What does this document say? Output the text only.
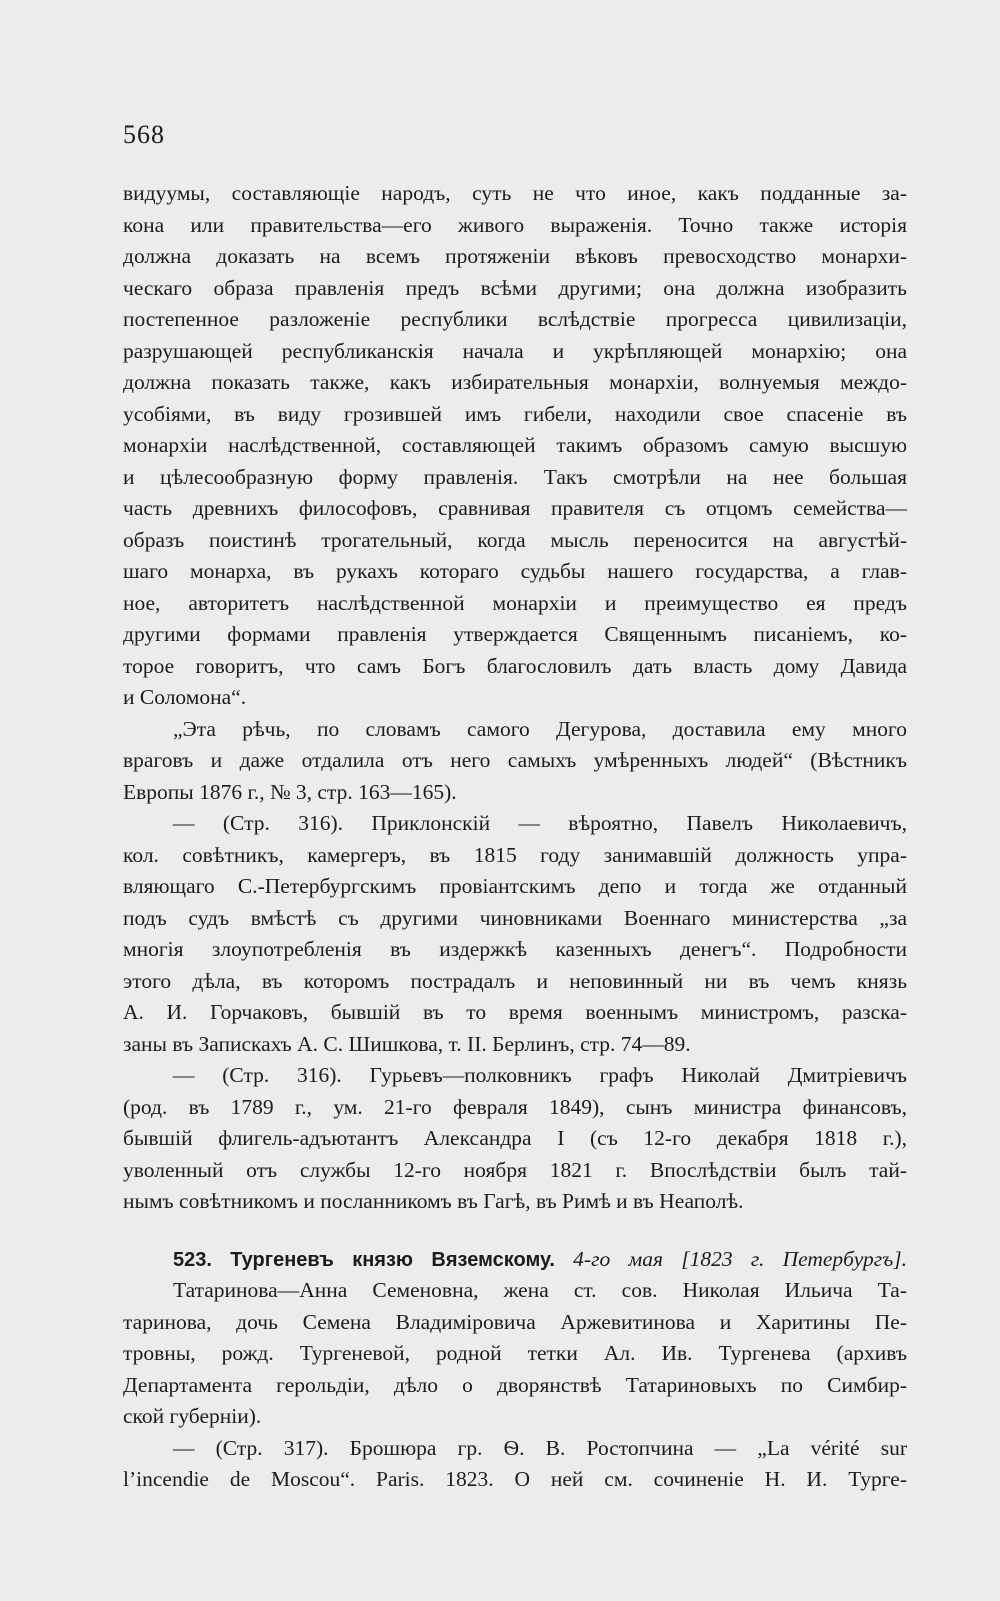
568
видуумы, составляющіе народъ, суть не что иное, какъ подданные за-
кона или правительства—его живого выраженія. Точно также исторія
должна доказать на всемъ протяженіи вѣковъ превосходство монархи-
ческаго образа правленія предъ всѣми другими; она должна изобразить
постепенное разложеніе республики вслѣдствіе прогресса цивилизаціи,
разрушающей республиканскія начала и укрѣпляющей монархію; она
должна показать также, какъ избирательныя монархіи, волнуемыя междо-
усобіями, въ виду грозившей имъ гибели, находили свое спасеніе въ
монархіи наслѣдственной, составляющей такимъ образомъ самую высшую
и цѣлесообразную форму правленія. Такъ смотрѣли на нее большая
часть древнихъ философовъ, сравнивая правителя съ отцомъ семейства—
образъ поистинѣ трогательный, когда мысль переносится на августѣй-
шаго монарха, въ рукахъ котораго судьбы нашего государства, а глав-
ное, авторитетъ наслѣдственной монархіи и преимущество ея предъ
другими формами правленія утверждается Священнымъ писаніемъ, ко-
торое говоритъ, что самъ Богъ благословилъ дать власть дому Давида
и Соломона“.
„Эта рѣчь, по словамъ самого Дегурова, доставила ему много
враговъ и даже отдалила отъ него самыхъ умѣренныхъ людей“ (Вѣстникъ
Европы 1876 г., № 3, стр. 163—165).
— (Стр. 316). Приклонскій — вѣроятно, Павелъ Николаевичъ,
кол. совѣтникъ, камергеръ, въ 1815 году занимавшій должность упра-
вляющаго С.-Петербургскимъ провіантскимъ депо и тогда же отданный
подъ судъ вмѣстѣ съ другими чиновниками Военнаго министерства „за
многія злоупотребленія въ издержкѣ казенныхъ денегъ“. Подробности
этого дѣла, въ которомъ пострадалъ и неповинный ни въ чемъ князь
А. И. Горчаковъ, бывшій въ то время военнымъ министромъ, разска-
заны въ Запискахъ А. С. Шишкова, т. II. Берлинъ, стр. 74—89.
— (Стр. 316). Гурьевъ—полковникъ графъ Николай Дмитріевичъ
(род. въ 1789 г., ум. 21-го февраля 1849), сынъ министра финансовъ,
бывшій флигель-адъютантъ Александра I (съ 12-го декабря 1818 г.),
уволенный отъ службы 12-го ноября 1821 г. Впослѣдствіи былъ тай-
нымъ совѣтникомъ и посланникомъ въ Гагѣ, въ Римѣ и въ Неаполѣ.
523. Тургеневъ князю Вяземскому. 4-го мая [1823 г. Петербургъ].
Татаринова—Анна Семеновна, жена ст. сов. Николая Ильича Та-
таринова, дочь Семена Владиміровича Аржевитинова и Харитины Пе-
тровны, рожд. Тургеневой, родной тетки Ал. Ив. Тургенева (архивъ
Департамента герольдіи, дѣло о дворянствѣ Татариновыхъ по Симбир-
ской губерніи).
— (Стр. 317). Брошюра гр. Ѳ. В. Ростопчина — „La vérité sur
l’incendie de Moscou“. Paris. 1823. О ней см. сочиненіе Н. И. Турге-
